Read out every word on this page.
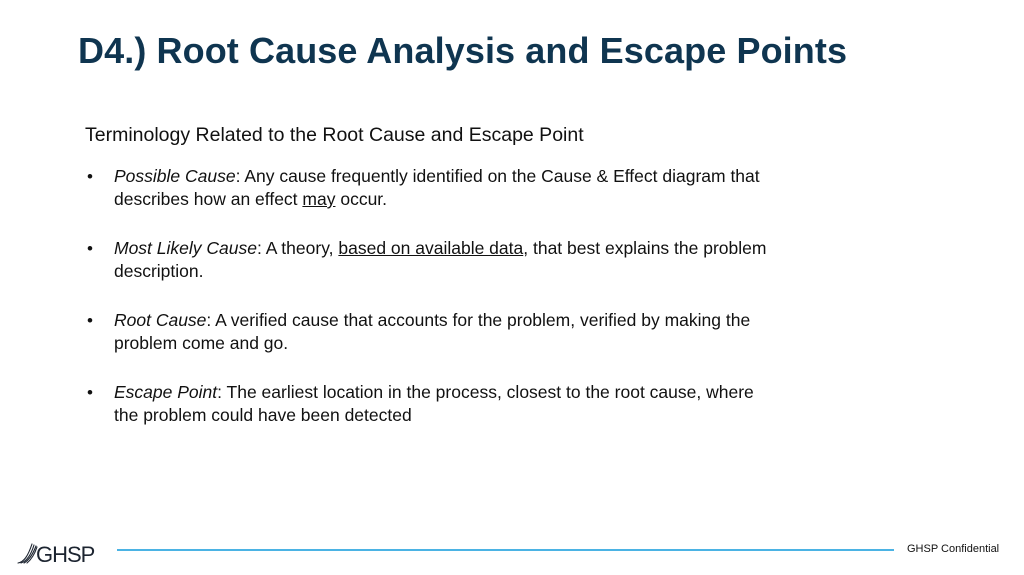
D4.) Root Cause Analysis and Escape Points

Terminology Related to the Root Cause and Escape Point

• Possible Cause: Any cause frequently identified on the Cause & Effect diagram that describes how an effect may occur.
• Most Likely Cause: A theory, based on available data, that best explains the problem description.
• Root Cause: A verified cause that accounts for the problem, verified by making the problem come and go.
• Escape Point: The earliest location in the process, closest to the root cause, where the problem could have been detected
GHSP	GHSP Confidential
